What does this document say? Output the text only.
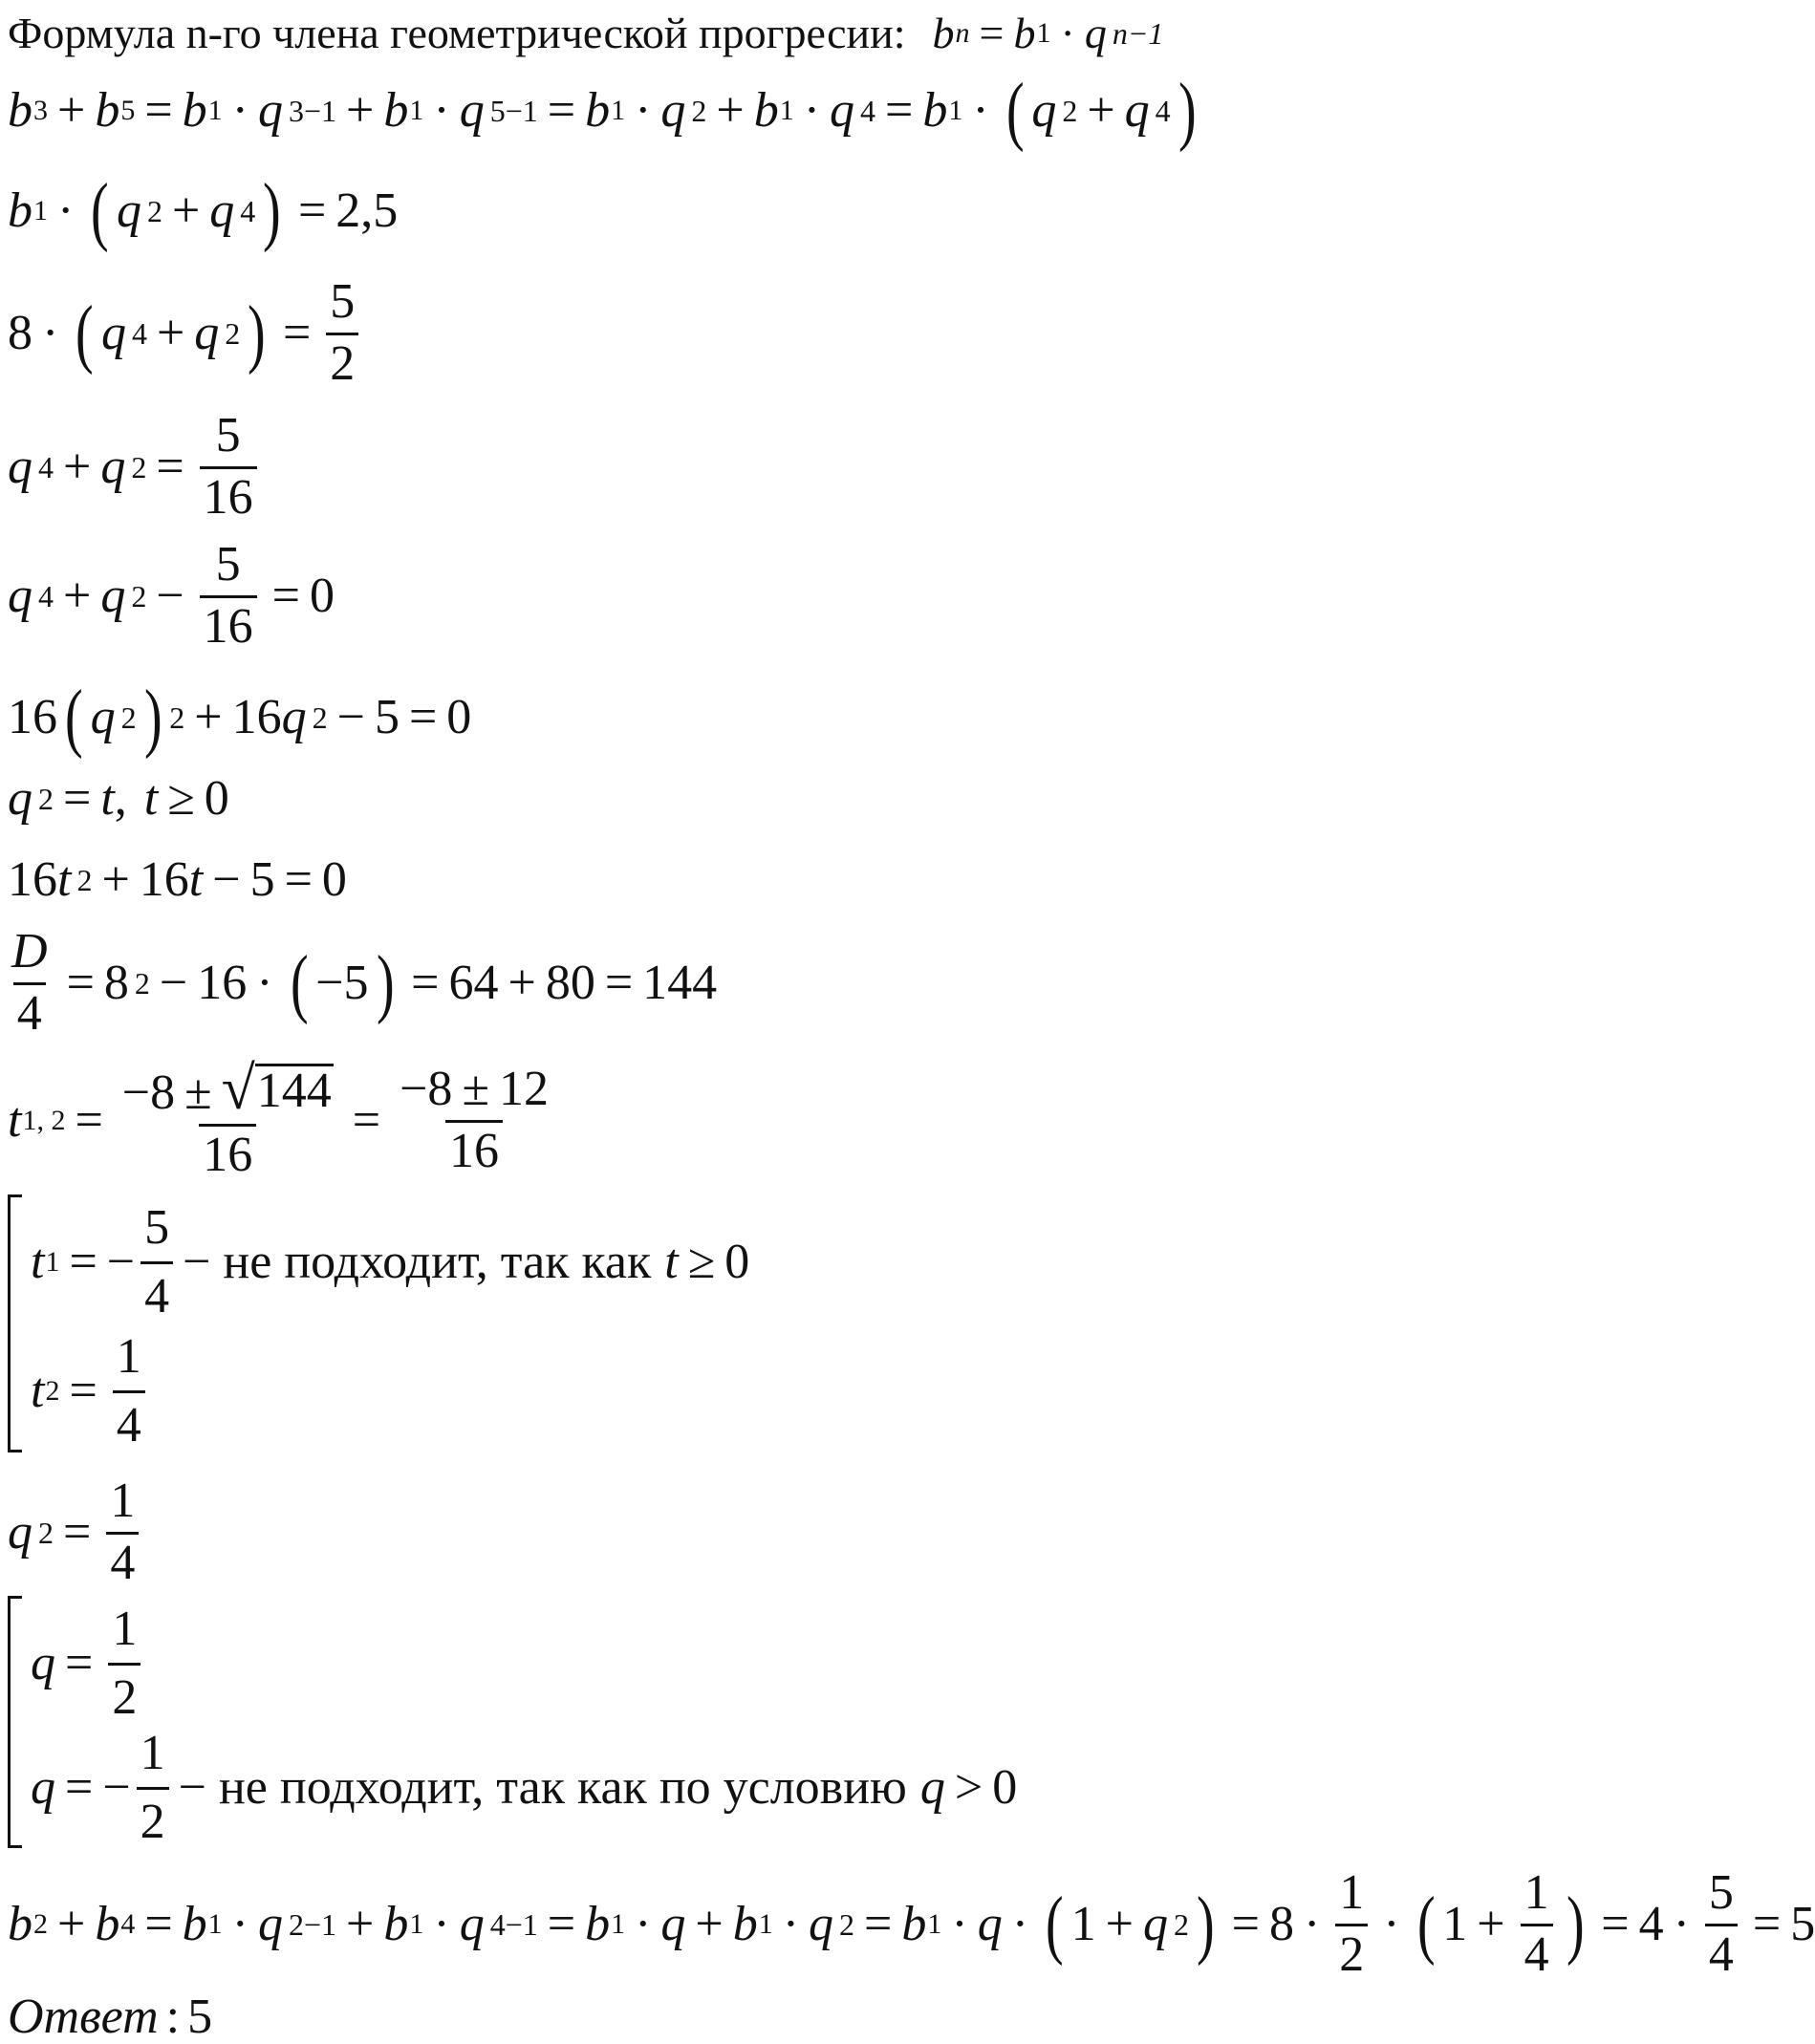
Формула n-го члена геометрической прогресии: b n = b 1 · q n−1
b 3 + b 5 = b 1 · q 3−1 + b 1 · q 5−1 = b 1 · q 2 + b 1 · q 4 = b 1 · ( q 2 + q 4 )
b 1 · ( q 2 + q 4 ) = 2,5
8 · ( q 4 + q 2 ) = $\frac{5}{2}$
q 4 + q $2 = \frac{5}{16}$
q 4 + q $2 - \frac{5}{16} = 0$
16 ( q 2 ) 2 + 16 q 2 − 5 = 0
q 2 = t , t ≥ 0
16 t 2 + 16 t − 5 = 0
$\frac{D}{4} = 8$ 2 − 16 · ( −5 ) = 64 + 80 = 144
t 1, $2 = \frac{-8 \pm √ 144}{16} = \frac{-8 \pm 12}{16}$
t 1 = − $\frac{5}{4}$ − не подходит, так как t ≥ 0
t $2 = \frac{1}{4}$
q $2 = \frac{1}{4}$
$q = \frac{1}{2}$
q = − $\frac{1}{2}$ − не подходит, так как по условию q > 0
b 2 + b 4 = b 1 · q 2−1 + b 1 · q 4−1 = b 1 · q + b 1 · q 2 = b 1 · q · ( 1 + q 2 ) = $8 \cdot \frac{1}{2}$ · ( $1 + \frac{1}{4}$ ) = $4 \cdot \frac{5}{4} = 5$
Ответ : 5
